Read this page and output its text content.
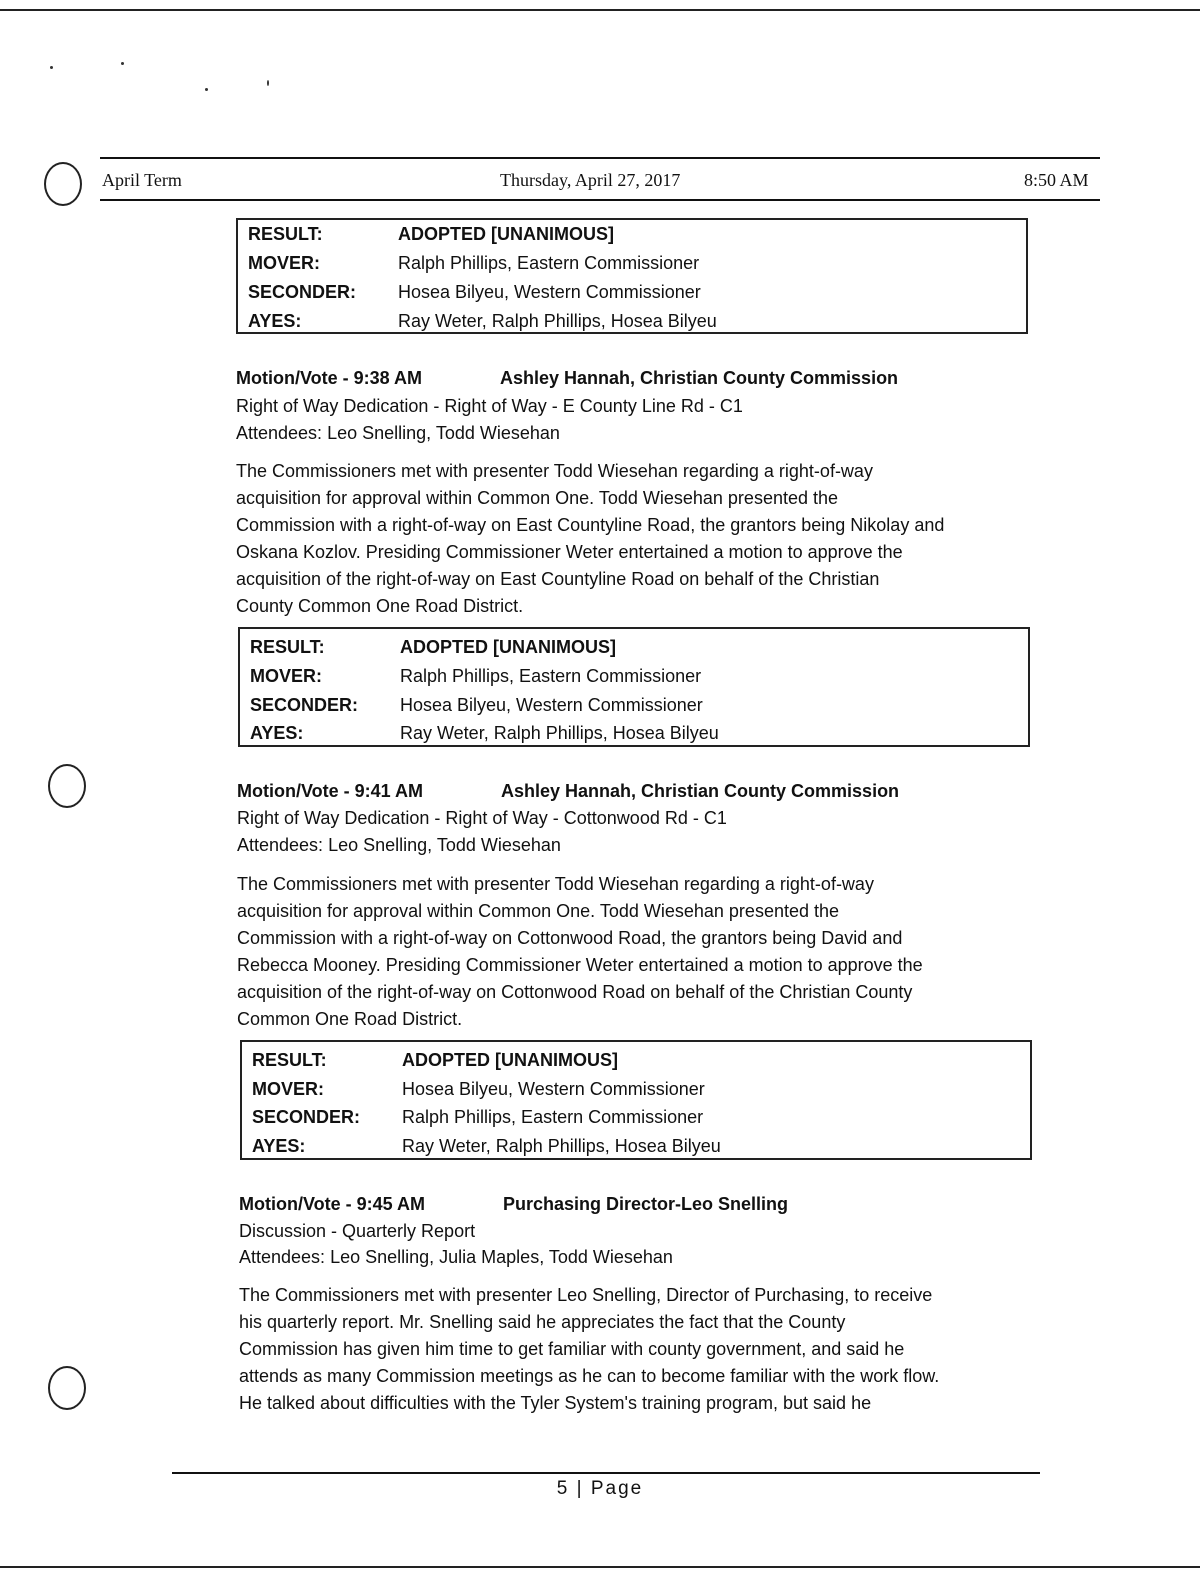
April Term	Thursday, April 27, 2017	8:50 AM
RESULT:	ADOPTED [UNANIMOUS]
MOVER:	Ralph Phillips, Eastern Commissioner
SECONDER: Hosea Bilyeu, Western Commissioner
AYES:	Ray Weter, Ralph Phillips, Hosea Bilyeu
Motion/Vote - 9:38 AM	Ashley Hannah, Christian County Commission
Right of Way Dedication - Right of Way - E County Line Rd - C1
Attendees: Leo Snelling, Todd Wiesehan
The Commissioners met with presenter Todd Wiesehan regarding a right-of-way
acquisition for approval within Common One. Todd Wiesehan presented the
Commission with a right-of-way on East Countyline Road, the grantors being Nikolay and
Oskana Kozlov. Presiding Commissioner Weter entertained a motion to approve the
acquisition of the right-of-way on East Countyline Road on behalf of the Christian
County Common One Road District.
RESULT:	ADOPTED [UNANIMOUS]
MOVER:	Ralph Phillips, Eastern Commissioner
SECONDER: Hosea Bilyeu, Western Commissioner
AYES:	Ray Weter, Ralph Phillips, Hosea Bilyeu
Motion/Vote - 9:41 AM	Ashley Hannah, Christian County Commission
Right of Way Dedication - Right of Way - Cottonwood Rd - C1
Attendees: Leo Snelling, Todd Wiesehan
The Commissioners met with presenter Todd Wiesehan regarding a right-of-way
acquisition for approval within Common One. Todd Wiesehan presented the
Commission with a right-of-way on Cottonwood Road, the grantors being David and
Rebecca Mooney. Presiding Commissioner Weter entertained a motion to approve the
acquisition of the right-of-way on Cottonwood Road on behalf of the Christian County
Common One Road District.
RESULT:	ADOPTED [UNANIMOUS]
MOVER:	Hosea Bilyeu, Western Commissioner
SECONDER: Ralph Phillips, Eastern Commissioner
AYES:	Ray Weter, Ralph Phillips, Hosea Bilyeu
Motion/Vote - 9:45 AM	Purchasing Director-Leo Snelling
Discussion - Quarterly Report
Attendees: Leo Snelling, Julia Maples, Todd Wiesehan
The Commissioners met with presenter Leo Snelling, Director of Purchasing, to receive
his quarterly report. Mr. Snelling said he appreciates the fact that the County
Commission has given him time to get familiar with county government, and said he
attends as many Commission meetings as he can to become familiar with the work flow.
He talked about difficulties with the Tyler System's training program, but said he
5 | Page
